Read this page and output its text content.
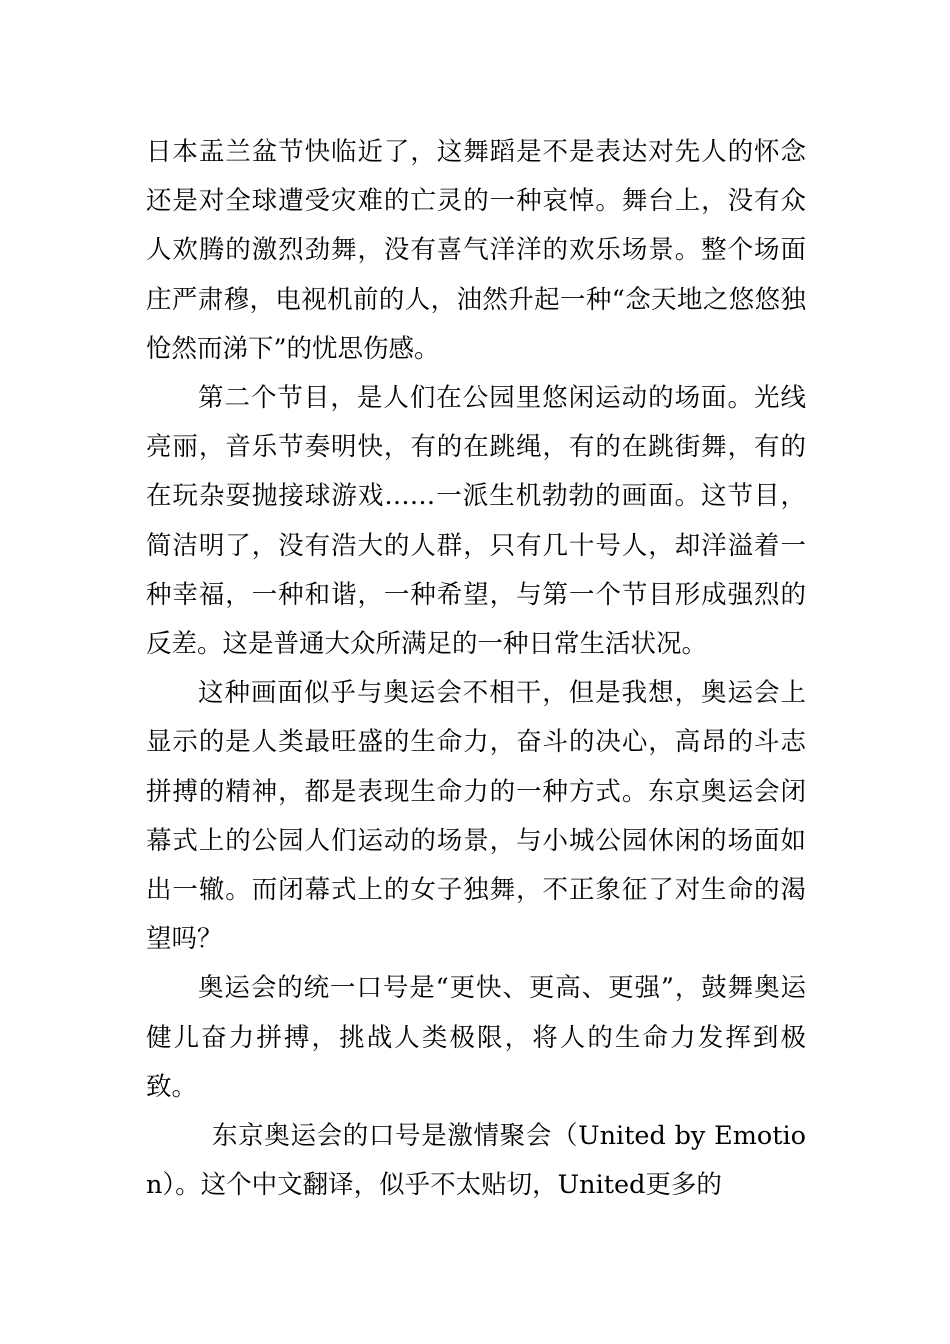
日本盂兰盆节快临近了，这舞蹈是不是表达对先人的怀念还是对全球遭受灾难的亡灵的一种哀悼。舞台上，没有众人欢腾的激烈劲舞，没有喜气洋洋的欢乐场景。整个场面庄严肃穆，电视机前的人，油然升起一种“念天地之悠悠独怆然而涕下”的忧思伤感。

第二个节目，是人们在公园里悠闲运动的场面。光线亮丽，音乐节奏明快，有的在跳绳，有的在跳街舞，有的在玩杂耍抛接球游戏……一派生机勃勃的画面。这节目，简洁明了，没有浩大的人群，只有几十号人，却洋溢着一种幸福，一种和谐，一种希望，与第一个节目形成强烈的反差。这是普通大众所满足的一种日常生活状况。

这种画面似乎与奥运会不相干，但是我想，奥运会上显示的是人类最旺盛的生命力，奋斗的决心，高昂的斗志拼搏的精神，都是表现生命力的一种方式。东京奥运会闭幕式上的公园人们运动的场景，与小城公园休闲的场面如出一辙。而闭幕式上的女子独舞，不正象征了对生命的渴望吗？

奥运会的统一口号是“更快、更高、更强”，鼓舞奥运健儿奋力拼搏，挑战人类极限，将人的生命力发挥到极致。

东京奥运会的口号是激情聚会（United by Emotion）。这个中文翻译，似乎不太贴切，United更多的
